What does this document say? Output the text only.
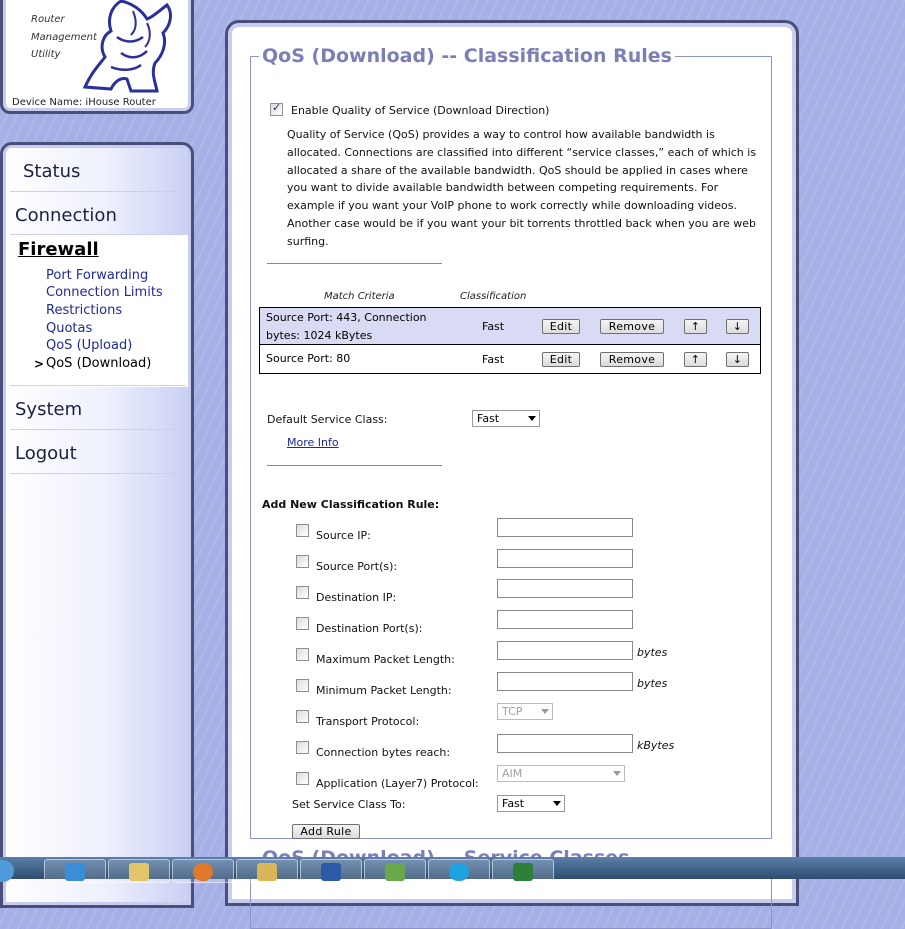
Router
Management
Utility
Device Name: iHouse Router
Status
Connection
Firewall
Port Forwarding
Connection Limits
Restrictions
Quotas
QoS (Upload)
> QoS (Download)
System
Logout
QoS (Download) -- Classification Rules
✓
Enable Quality of Service (Download Direction)
Quality of Service (QoS) provides a way to control how available bandwidth is
allocated. Connections are classified into different “service classes,” each of which is
allocated a share of the available bandwidth. QoS should be applied in cases where
you want to divide available bandwidth between competing requirements. For
example if you want your VoIP phone to work correctly while downloading videos.
Another case would be if you want your bit torrents throttled back when you are web
surfing.
Match Criteria	Classification
Source Port: 443, Connection
bytes: 1024 kBytes
Fast	Edit	Remove	↑	↓
Source Port: 80	Fast	Edit	Remove	↑	↓
Default Service Class:	Fast
More Info
Add New Classification Rule:
Source IP:
Source Port(s):
Destination IP:
Destination Port(s):
Maximum Packet Length:
bytes
Minimum Packet Length:
bytes
Transport Protocol:
TCP
Connection bytes reach:
kBytes
Application (Layer7) Protocol:
AIM
Set Service Class To:	Fast
Add Rule
